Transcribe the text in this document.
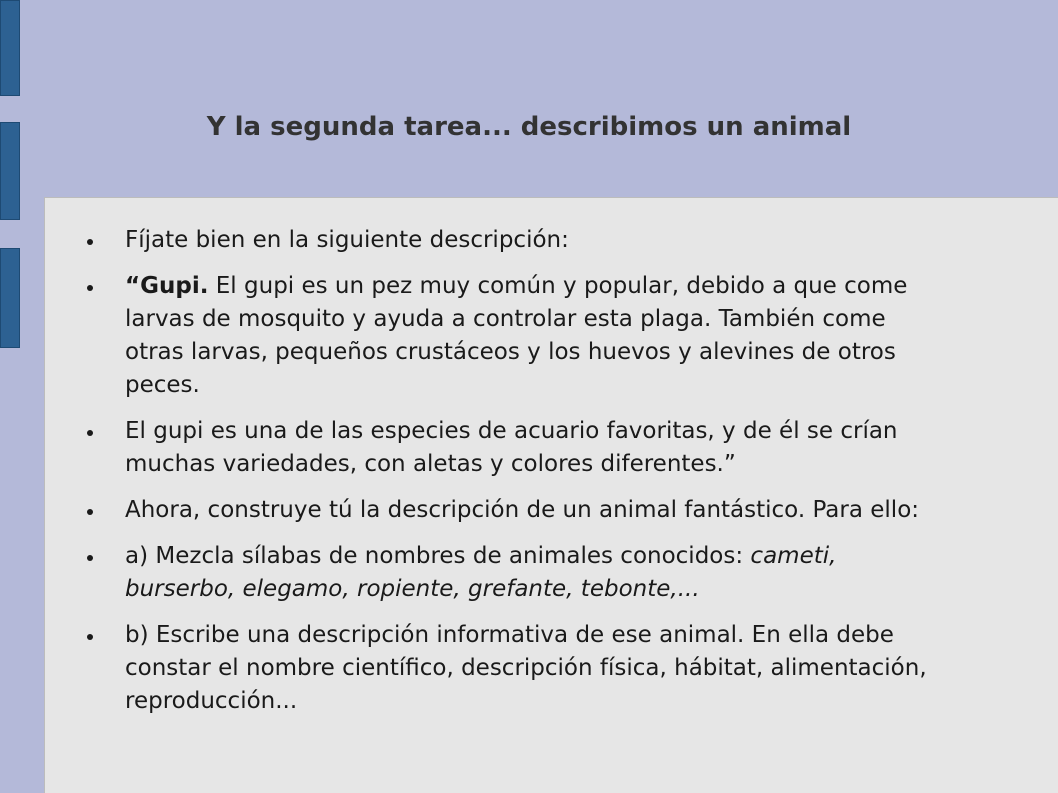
Y la segunda tarea... describimos un animal
Fíjate bien en la siguiente descripción:
“Gupi. El gupi es un pez muy común y popular, debido a que come larvas de mosquito y ayuda a controlar esta plaga. También come otras larvas, pequeños crustáceos y los huevos y alevines de otros peces.
El gupi es una de las especies de acuario favoritas, y de él se crían muchas variedades, con aletas y colores diferentes.”
Ahora, construye tú la descripción de un animal fantástico. Para ello:
a) Mezcla sílabas de nombres de animales conocidos: cameti, burserbo, elegamo, ropiente, grefante, tebonte,...
b) Escribe una descripción informativa de ese animal. En ella debe constar el nombre científico, descripción física, hábitat, alimentación, reproducción...
